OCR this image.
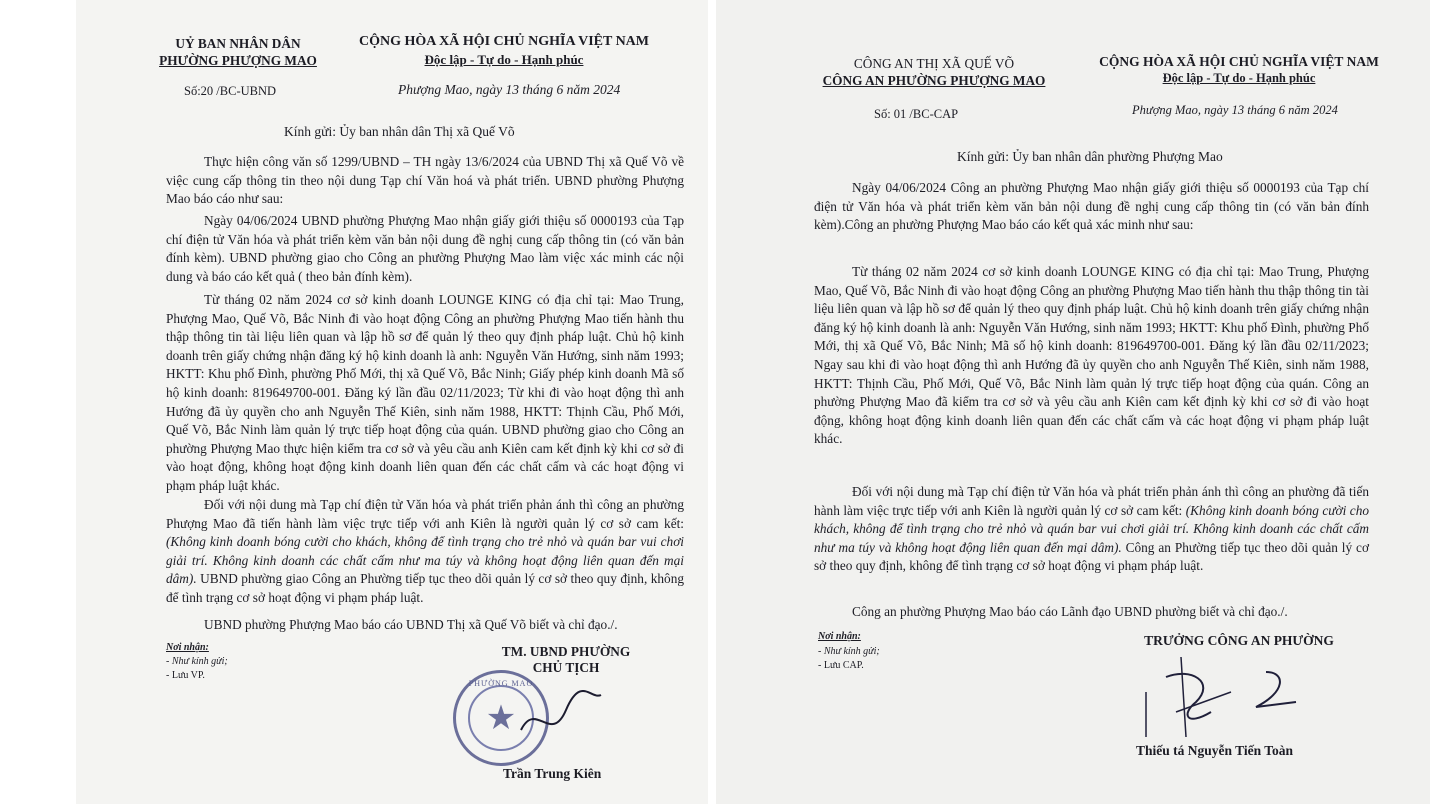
UỶ BAN NHÂN DÂN
PHƯỜNG PHƯỢNG MAO
CỘNG HÒA XÃ HỘI CHỦ NGHĨA VIỆT NAM
Độc lập - Tự do - Hạnh phúc
Số:20 /BC-UBND	Phượng Mao, ngày 13 tháng 6 năm 2024
Kính gửi: Ủy ban nhân dân Thị xã Quế Võ

Thực hiện công văn số 1299/UBND – TH ngày 13/6/2024 của UBND Thị xã Quế Võ về việc cung cấp thông tin theo nội dung Tạp chí Văn hoá và phát triển. UBND phường Phượng Mao báo cáo như sau:

Ngày 04/06/2024 UBND phường Phượng Mao nhận giấy giới thiệu số 0000193 của Tạp chí điện tử Văn hóa và phát triển kèm văn bản nội dung đề nghị cung cấp thông tin (có văn bản đính kèm). UBND phường giao cho Công an phường Phượng Mao làm việc xác minh các nội dung và báo cáo kết quả ( theo bản đính kèm).

Từ tháng 02 năm 2024 cơ sở kinh doanh LOUNGE KING có địa chỉ tại: Mao Trung, Phượng Mao, Quế Võ, Bắc Ninh đi vào hoạt động Công an phường Phượng Mao tiến hành thu thập thông tin tài liệu liên quan và lập hồ sơ để quản lý theo quy định pháp luật. Chủ hộ kinh doanh trên giấy chứng nhận đăng ký hộ kinh doanh là anh: Nguyễn Văn Hướng, sinh năm 1993; HKTT: Khu phố Đình, phường Phố Mới, thị xã Quế Võ, Bắc Ninh; Giấy phép kinh doanh Mã số hộ kinh doanh: 819649700-001. Đăng ký lần đầu 02/11/2023; Từ khi đi vào hoạt động thì anh Hướng đã ủy quyền cho anh Nguyễn Thế Kiên, sinh năm 1988, HKTT: Thịnh Cầu, Phố Mới, Quế Võ, Bắc Ninh làm quản lý trực tiếp hoạt động của quán. UBND phường giao cho Công an phường Phượng Mao thực hiện kiểm tra cơ sở và yêu cầu anh Kiên cam kết định kỳ khi cơ sở đi vào hoạt động, không hoạt động kinh doanh liên quan đến các chất cấm và các hoạt động vi phạm pháp luật khác.

Đối với nội dung mà Tạp chí điện tử Văn hóa và phát triển phản ánh thì công an phường Phượng Mao đã tiến hành làm việc trực tiếp với anh Kiên là người quản lý cơ sở cam kết: (Không kinh doanh bóng cười cho khách, không để tình trạng cho trẻ nhỏ và quán bar vui chơi giải trí. Không kinh doanh các chất cấm như ma túy và không hoạt động liên quan đến mại dâm). UBND phường giao Công an Phường tiếp tục theo dõi quản lý cơ sở theo quy định, không để tình trạng cơ sở hoạt động vi phạm pháp luật.

UBND phường Phượng Mao báo cáo UBND Thị xã Quế Võ biết và chỉ đạo./.

Nơi nhận:
- Như kính gửi;
- Lưu VP.
TM. UBND PHƯỜNG
CHỦ TỊCH
PHƯỜNG MAO
★
Trần Trung Kiên
CÔNG AN THỊ XÃ QUẾ VÕ
CÔNG AN PHƯỜNG PHƯỢNG MAO
CỘNG HÒA XÃ HỘI CHỦ NGHĨA VIỆT NAM
Độc lập - Tự do - Hạnh phúc
Số: 01 /BC-CAP	Phượng Mao, ngày 13 tháng 6 năm 2024
Kính gửi: Ủy ban nhân dân phường Phượng Mao

Ngày 04/06/2024 Công an phường Phượng Mao nhận giấy giới thiệu số 0000193 của Tạp chí điện tử Văn hóa và phát triển kèm văn bản nội dung đề nghị cung cấp thông tin (có văn bản đính kèm).Công an phường Phượng Mao báo cáo kết quả xác minh như sau:

Từ tháng 02 năm 2024 cơ sở kinh doanh LOUNGE KING có địa chỉ tại: Mao Trung, Phượng Mao, Quế Võ, Bắc Ninh đi vào hoạt động Công an phường Phượng Mao tiến hành thu thập thông tin tài liệu liên quan và lập hồ sơ để quản lý theo quy định pháp luật. Chủ hộ kinh doanh trên giấy chứng nhận đăng ký hộ kinh doanh là anh: Nguyễn Văn Hướng, sinh năm 1993; HKTT: Khu phố Đình, phường Phố Mới, thị xã Quế Võ, Bắc Ninh; Mã số hộ kinh doanh: 819649700-001. Đăng ký lần đầu 02/11/2023; Ngay sau khi đi vào hoạt động thì anh Hướng đã ủy quyền cho anh Nguyễn Thế Kiên, sinh năm 1988, HKTT: Thịnh Cầu, Phố Mới, Quế Võ, Bắc Ninh làm quản lý trực tiếp hoạt động của quán. Công an phường Phượng Mao đã kiểm tra cơ sở và yêu cầu anh Kiên cam kết định kỳ khi cơ sở đi vào hoạt động, không hoạt động kinh doanh liên quan đến các chất cấm và các hoạt động vi phạm pháp luật khác.

Đối với nội dung mà Tạp chí điện tử Văn hóa và phát triển phản ánh thì công an phường đã tiến hành làm việc trực tiếp với anh Kiên là người quản lý cơ sở cam kết: (Không kinh doanh bóng cười cho khách, không để tình trạng cho trẻ nhỏ và quán bar vui chơi giải trí. Không kinh doanh các chất cấm như ma túy và không hoạt động liên quan đến mại dâm). Công an Phường tiếp tục theo dõi quản lý cơ sở theo quy định, không để tình trạng cơ sở hoạt động vi phạm pháp luật.

Công an phường Phượng Mao báo cáo Lãnh đạo UBND phường biết và chỉ đạo./.

Nơi nhận:
- Như kính gửi;
- Lưu CAP.
TRƯỞNG CÔNG AN PHƯỜNG
Thiếu tá Nguyễn Tiến Toàn
